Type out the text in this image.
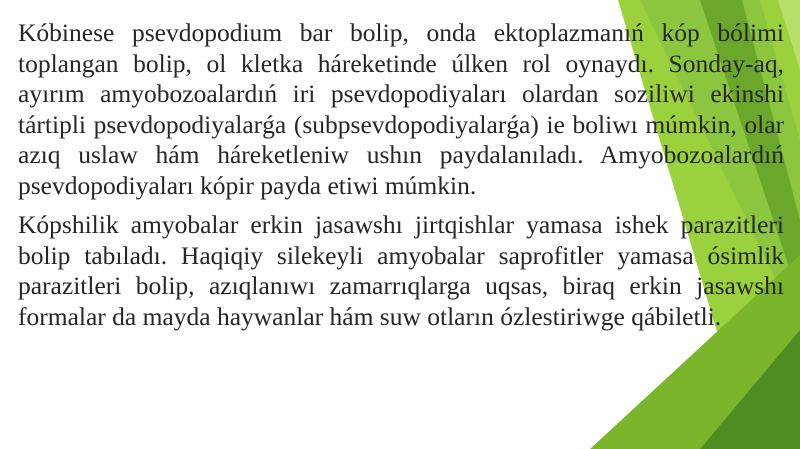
Kóbinese psevdopodium bar bolip, onda ektoplazmanıń kóp bólimi toplangan bolip, ol kletka háreketinde úlken rol oynaydı. Sonday-aq, ayırım amyobozoalardıń iri psevdopodiyaları olardan soziliwi ekinshi tártipli psevdopodiyalarǵa (subpsevdopodiyalarǵa) ie boliwı múmkin, olar azıq uslaw hám háreketleniw ushın paydalanıladı. Amyobozoalardıń psevdopodiyaları kópir payda etiwi múmkin.

Kópshilik amyobalar erkin jasawshı jirtqishlar yamasa ishek parazitleri bolip tabıladı. Haqiqiy silekeyli amyobalar saprofitler yamasa ósimlik parazitleri bolip, azıqlanıwı zamarrıqlarga uqsas, biraq erkin jasawshı formalar da mayda haywanlar hám suw otların ózlestiriwge qábiletli.
